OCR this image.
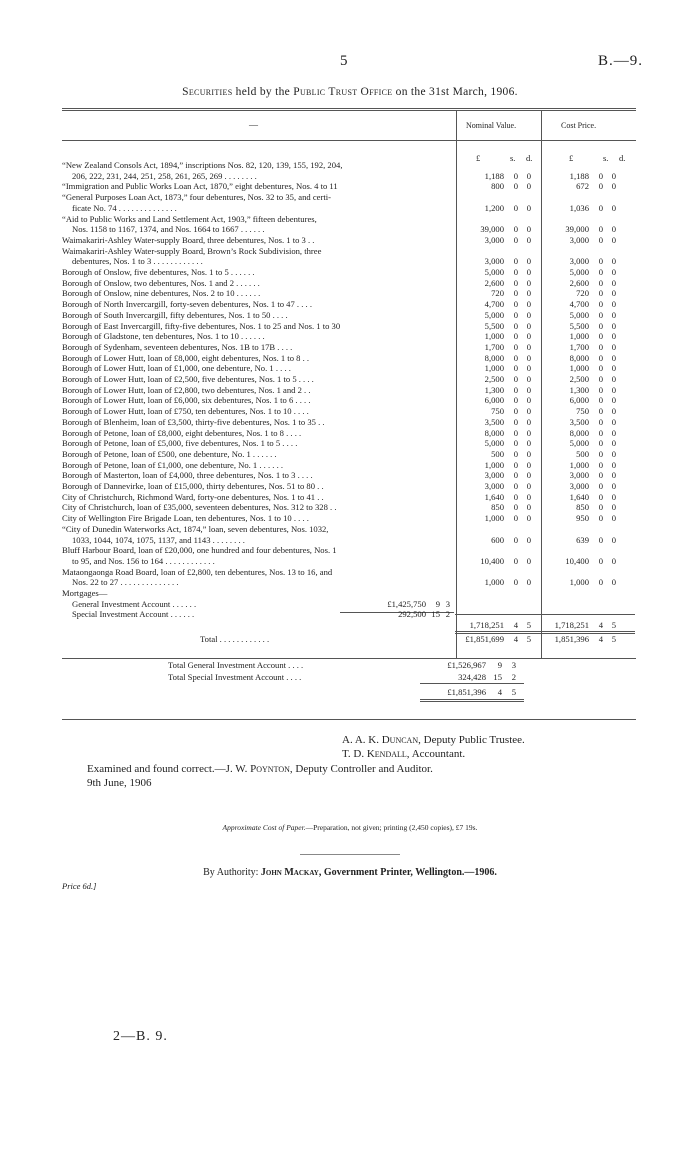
5	B.—9.
Securities held by the Public Trust Office on the 31st March, 1906.
—	Nominal Value.	Cost Price.
£	s. d.	£	s. d.
“New Zealand Consols Act, 1894,” inscriptions Nos. 82, 120, 139, 155, 192, 204,
206, 222, 231, 244, 251, 258, 261, 265, 269 . . . . . . . .	1,188	0	0	1,188	0	0
“Immigration and Public Works Loan Act, 1870,” eight debentures, Nos. 4 to 11	800	0	0	672	0	0
“General Purposes Loan Act, 1873,” four debentures, Nos. 32 to 35, and certi-
ficate No. 74 . . . . . . . . . . . . . .	1,200	0	0	1,036	0	0
“Aid to Public Works and Land Settlement Act, 1903,” fifteen debentures,
Nos. 1158 to 1167, 1374, and Nos. 1664 to 1667 . . . . . .	39,000	0	0	39,000	0	0
Waimakariri-Ashley Water-supply Board, three debentures, Nos. 1 to 3 . .	3,000	0	0	3,000	0	0
Waimakariri-Ashley Water-supply Board, Brown’s Rock Subdivision, three
debentures, Nos. 1 to 3 . . . . . . . . . . . .	3,000	0	0	3,000	0	0
Borough of Onslow, five debentures, Nos. 1 to 5 . . . . . .	5,000	0	0	5,000	0	0
Borough of Onslow, two debentures, Nos. 1 and 2 . . . . . .	2,600	0	0	2,600	0	0
Borough of Onslow, nine debentures, Nos. 2 to 10 . . . . . .	720	0	0	720	0	0
Borough of North Invercargill, forty-seven debentures, Nos. 1 to 47 . . . .	4,700	0	0	4,700	0	0
Borough of South Invercargill, fifty debentures, Nos. 1 to 50 . . . .	5,000	0	0	5,000	0	0
Borough of East Invercargill, fifty-five debentures, Nos. 1 to 25 and Nos. 1 to 30	5,500	0	0	5,500	0	0
Borough of Gladstone, ten debentures, Nos. 1 to 10 . . . . . .	1,000	0	0	1,000	0	0
Borough of Sydenham, seventeen debentures, Nos. 1B to 17B . . . .	1,700	0	0	1,700	0	0
Borough of Lower Hutt, loan of £8,000, eight debentures, Nos. 1 to 8 . .	8,000	0	0	8,000	0	0
Borough of Lower Hutt, loan of £1,000, one debenture, No. 1 . . . .	1,000	0	0	1,000	0	0
Borough of Lower Hutt, loan of £2,500, five debentures, Nos. 1 to 5 . . . .	2,500	0	0	2,500	0	0
Borough of Lower Hutt, loan of £2,800, two debentures, Nos. 1 and 2 . .	1,300	0	0	1,300	0	0
Borough of Lower Hutt, loan of £6,000, six debentures, Nos. 1 to 6 . . . .	6,000	0	0	6,000	0	0
Borough of Lower Hutt, loan of £750, ten debentures, Nos. 1 to 10 . . . .	750	0	0	750	0	0
Borough of Blenheim, loan of £3,500, thirty-five debentures, Nos. 1 to 35 . .	3,500	0	0	3,500	0	0
Borough of Petone, loan of £8,000, eight debentures, Nos. 1 to 8 . . . .	8,000	0	0	8,000	0	0
Borough of Petone, loan of £5,000, five debentures, Nos. 1 to 5 . . . .	5,000	0	0	5,000	0	0
Borough of Petone, loan of £500, one debenture, No. 1 . . . . . .	500	0	0	500	0	0
Borough of Petone, loan of £1,000, one debenture, No. 1 . . . . . .	1,000	0	0	1,000	0	0
Borough of Masterton, loan of £4,000, three debentures, Nos. 1 to 3 . . . .	3,000	0	0	3,000	0	0
Borough of Dannevirke, loan of £15,000, thirty debentures, Nos. 51 to 80 . .	3,000	0	0	3,000	0	0
City of Christchurch, Richmond Ward, forty-one debentures, Nos. 1 to 41 . .	1,640	0	0	1,640	0	0
City of Christchurch, loan of £35,000, seventeen debentures, Nos. 312 to 328 . .	850	0	0	850	0	0
City of Wellington Fire Brigade Loan, ten debentures, Nos. 1 to 10 . . . .	1,000	0	0	950	0	0
“City of Dunedin Waterworks Act, 1874,” loan, seven debentures, Nos. 1032,
1033, 1044, 1074, 1075, 1137, and 1143 . . . . . . . .	600	0	0	639	0	0
Bluff Harbour Board, loan of £20,000, one hundred and four debentures, Nos. 1
to 95, and Nos. 156 to 164 . . . . . . . . . . . .	10,400	0	0	10,400	0	0
Mataongaonga Road Board, loan of £2,800, ten debentures, Nos. 13 to 16, and
Nos. 22 to 27 . . . . . . . . . . . . . .	1,000	0	0	1,000	0	0
Mortgages—
General Investment Account . . . . . .	£1,425,750	9 3
Special Investment Account . . . . . .	292,500 15 2
1,718,251	4	5	1,718,251	4	5
Total . . . . . . . . . . . .	£1,851,699	4	5	1,851,396	4	5
Total General Investment Account . . . .	£1,526,967	9	3
Total Special Investment Account . . . .	324,428 15	2
£1,851,396	4	5
A. A. K. Duncan, Deputy Public Trustee.
T. D. Kendall, Accountant.
Examined and found correct.—J. W. Poynton, Deputy Controller and Auditor.
9th June, 1906
Approximate Cost of Paper.—Preparation, not given; printing (2,450 copies), £7 19s.
By Authority: John Mackay, Government Printer, Wellington.—1906.
Price 6d.]
2—B. 9.
